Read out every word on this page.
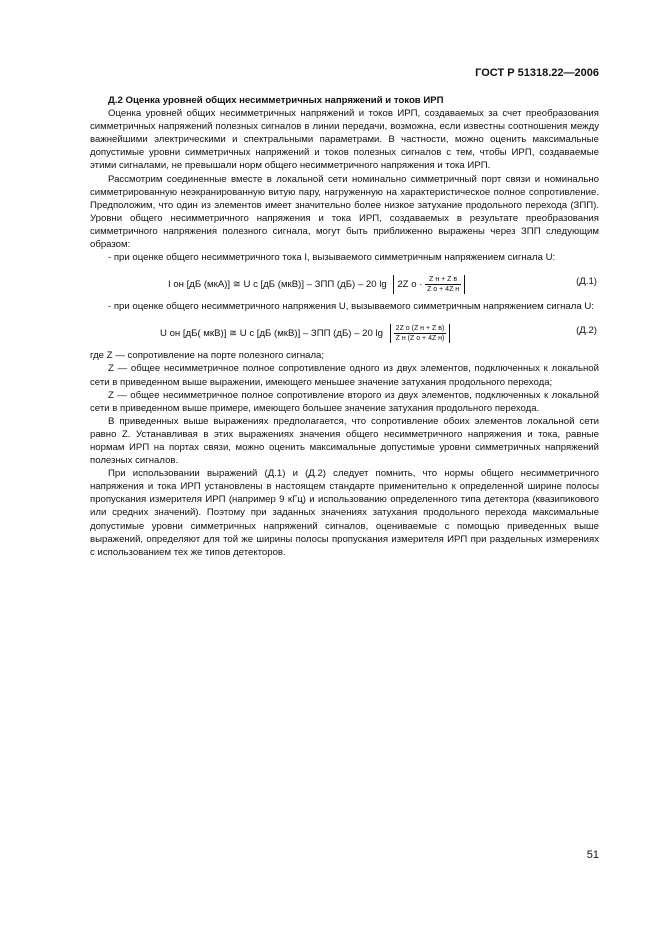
ГОСТ Р 51318.22—2006

Д.2 Оценка уровней общих несимметричных напряжений и токов ИРП

Оценка уровней общих несимметричных напряжений и токов ИРП, создаваемых за счет преобразования симметричных напряжений полезных сигналов в линии передачи, возможна, если известны соотношения между важнейшими электрическими и спектральными параметрами. В частности, можно оценить максимальные допустимые уровни симметричных напряжений и токов полезных сигналов с тем, чтобы ИРП, создаваемые этими сигналами, не превышали норм общего несимметричного напряжения и тока ИРП.

Рассмотрим соединенные вместе в локальной сети номинально симметричный порт связи и номинально симметрированную неэкранированную витую пару, нагруженную на характеристическое полное сопротивление. Предположим, что один из элементов имеет значительно более низкое затухание продольного перехода (ЗПП). Уровни общего несимметричного напряжения и тока ИРП, создаваемых в результате преобразования симметричного напряжения полезного сигнала, могут быть приближенно выражены через ЗПП следующим образом:

- при оценке общего несимметричного тока I, вызываемого симметричным напряжением сигнала U:

I он [дБ (мкА)] ≅ U с [дБ (мкВ)] – ЗПП (дБ) – 20 lg 2Z $о \cdot \frac{\text{Z н + Z в}}{\text{Z о + 4Z н}}$	(Д.1)

- при оценке общего несимметричного напряжения U, вызываемого симметричным напряжением сигнала U:

U он [дБ( мкВ)] ≅ U с [дБ (мкВ)] – ЗПП (дБ) – 20 $\lg \frac{\text{2Z о (Z н + Z в)}}{\text{Z н (Z о + 4Z н)}}$	(Д.2)

где Z — сопротивление на порте полезного сигнала;

Z — общее несимметричное полное сопротивление одного из двух элементов, подключенных к локальной сети в приведенном выше выражении, имеющего меньшее значение затухания продольного перехода;

Z — общее несимметричное полное сопротивление второго из двух элементов, подключенных к локальной сети в приведенном выше примере, имеющего большее значение затухания продольного перехода.

В приведенных выше выражениях предполагается, что сопротивление обоих элементов локальной сети равно Z. Устанавливая в этих выражениях значения общего несимметричного напряжения и тока, равные нормам ИРП на портах связи, можно оценить максимальные допустимые уровни симметричных напряжений полезных сигналов.

При использовании выражений (Д.1) и (Д.2) следует помнить, что нормы общего несимметричного напряжения и тока ИРП установлены в настоящем стандарте применительно к определенной ширине полосы пропускания измерителя ИРП (например 9 кГц) и использованию определенного типа детектора (квазипикового или средних значений). Поэтому при заданных значениях затухания продольного перехода максимальные допустимые уровни симметричных напряжений сигналов, оцениваемые с помощью приведенных выше выражений, определяют для той же ширины полосы пропускания измерителя ИРП при раздельных измерениях с использованием тех же типов детекторов.

51
